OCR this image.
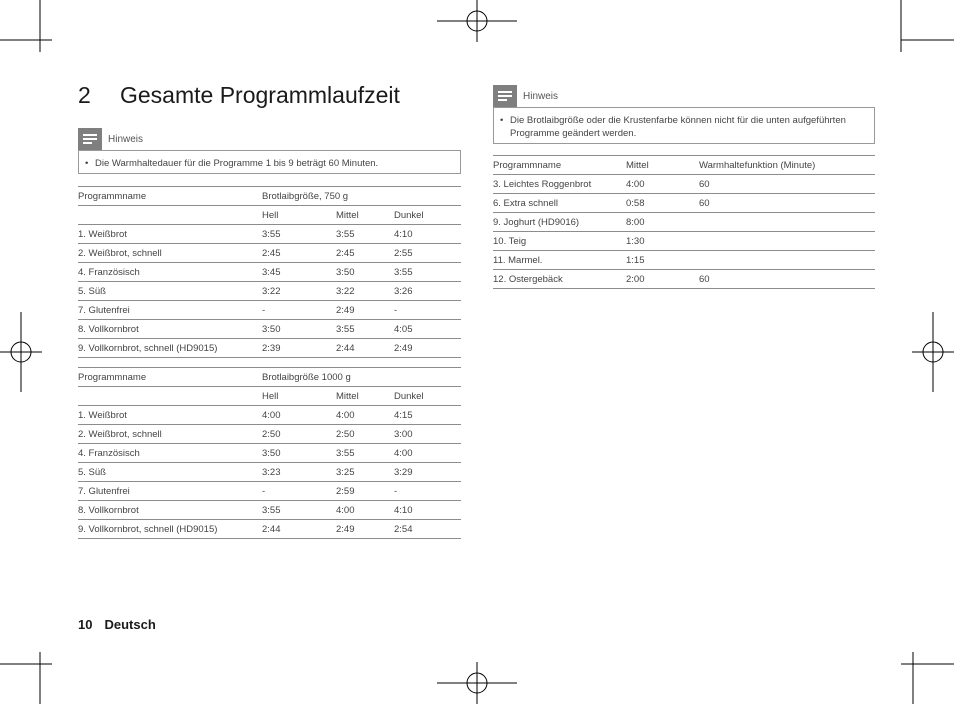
2 Gesamte Programmlaufzeit
Hinweis
• Die Warmhaltedauer für die Programme 1 bis 9 beträgt 60 Minuten.
Hinweis
• Die Brotlaibgröße oder die Krustenfarbe können nicht für die unten aufgeführten Programme geändert werden.
Programmname	Brotlaibgröße, 750 g		
	Hell	Mittel	Dunkel
1. Weißbrot	3:55	3:55	4:10
2. Weißbrot, schnell	2:45	2:45	2:55
4. Französisch	3:45	3:50	3:55
5. Süß	3:22	3:22	3:26
7. Glutenfrei	-	2:49	-
8. Vollkornbrot	3:50	3:55	4:05
9. Vollkornbrot, schnell (HD9015)	2:39	2:44	2:49
Programmname	Brotlaibgröße 1000 g		
	Hell	Mittel	Dunkel
1. Weißbrot	4:00	4:00	4:15
2. Weißbrot, schnell	2:50	2:50	3:00
4. Französisch	3:50	3:55	4:00
5. Süß	3:23	3:25	3:29
7. Glutenfrei	-	2:59	-
8. Vollkornbrot	3:55	4:00	4:10
9. Vollkornbrot, schnell (HD9015)	2:44	2:49	2:54
Programmname	Mittel	Warmhaltefunktion (Minute)
3. Leichtes Roggenbrot	4:00	60
6. Extra schnell	0:58	60
9. Joghurt (HD9016)	8:00	
10. Teig	1:30	
11. Marmel.	1:15	
12. Ostergebäck	2:00	60
10 Deutsch
